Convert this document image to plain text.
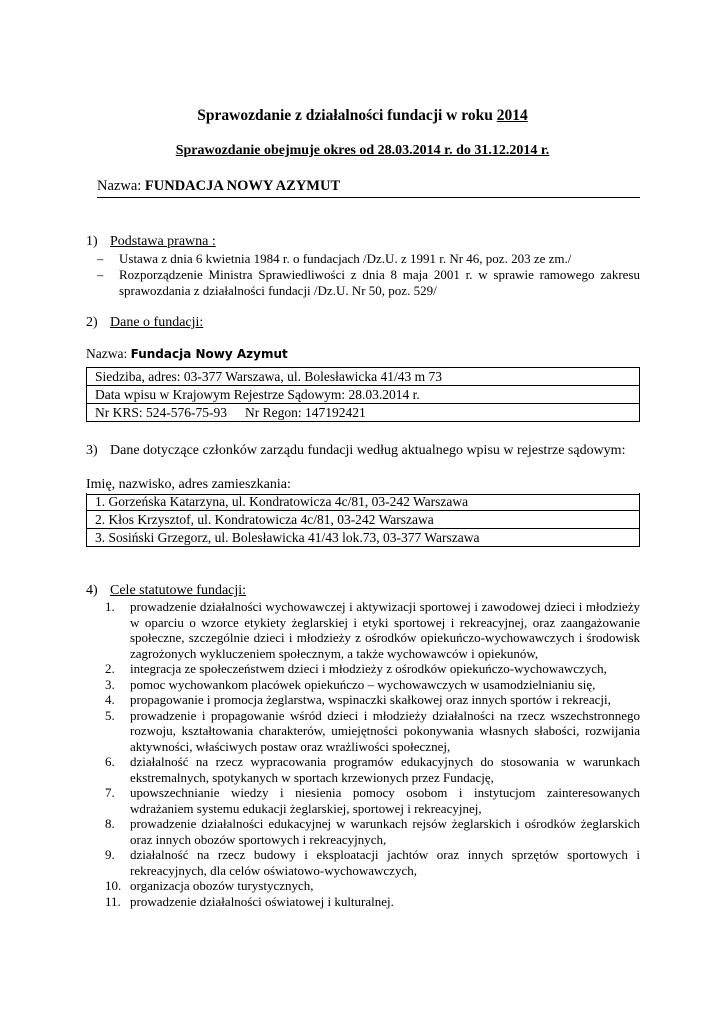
Sprawozdanie z działalności fundacji w roku 2014
Sprawozdanie obejmuje okres od 28.03.2014 r. do 31.12.2014 r.
Nazwa: FUNDACJA NOWY AZYMUT
1) Podstawa prawna :
– Ustawa z dnia 6 kwietnia 1984 r. o fundacjach /Dz.U. z 1991 r. Nr 46, poz. 203 ze zm./
– Rozporządzenie Ministra Sprawiedliwości z dnia 8 maja 2001 r. w sprawie ramowego zakresu sprawozdania z działalności fundacji /Dz.U. Nr 50, poz. 529/
2) Dane o fundacji:
Nazwa: Fundacja Nowy Azymut
Siedziba, adres: 03-377 Warszawa, ul. Bolesławicka 41/43 m 73
Data wpisu w Krajowym Rejestrze Sądowym: 28.03.2014 r.
Nr KRS: 524-576-75-93 Nr Regon: 147192421
3) Dane dotyczące członków zarządu fundacji według aktualnego wpisu w rejestrze sądowym:
Imię, nazwisko, adres zamieszkania:
1. Gorzeńska Katarzyna, ul. Kondratowicza 4c/81, 03-242 Warszawa
2. Kłos Krzysztof, ul. Kondratowicza 4c/81, 03-242 Warszawa
3. Sosiński Grzegorz, ul. Bolesławicka 41/43 lok.73, 03-377 Warszawa
4) Cele statutowe fundacji:
1. prowadzenie działalności wychowawczej i aktywizacji sportowej i zawodowej dzieci i młodzieży w oparciu o wzorce etykiety żeglarskiej i etyki sportowej i rekreacyjnej, oraz zaangażowanie społeczne, szczególnie dzieci i młodzieży z ośrodków opiekuńczo-wychowawczych i środowisk zagrożonych wykluczeniem społecznym, a także wychowawców i opiekunów,
2. integracja ze społeczeństwem dzieci i młodzieży z ośrodków opiekuńczo-wychowawczych,
3. pomoc wychowankom placówek opiekuńczo – wychowawczych w usamodzielnianiu się,
4. propagowanie i promocja żeglarstwa, wspinaczki skałkowej oraz innych sportów i rekreacji,
5. prowadzenie i propagowanie wśród dzieci i młodzieży działalności na rzecz wszechstronnego rozwoju, kształtowania charakterów, umiejętności pokonywania własnych słabości, rozwijania aktywności, właściwych postaw oraz wrażliwości społecznej,
6. działalność na rzecz wypracowania programów edukacyjnych do stosowania w warunkach ekstremalnych, spotykanych w sportach krzewionych przez Fundację,
7. upowszechnianie wiedzy i niesienia pomocy osobom i instytucjom zainteresowanych wdrażaniem systemu edukacji żeglarskiej, sportowej i rekreacyjnej,
8. prowadzenie działalności edukacyjnej w warunkach rejsów żeglarskich i ośrodków żeglarskich oraz innych obozów sportowych i rekreacyjnych,
9. działalność na rzecz budowy i eksploatacji jachtów oraz innych sprzętów sportowych i rekreacyjnych, dla celów oświatowo-wychowawczych,
10. organizacja obozów turystycznych,
11. prowadzenie działalności oświatowej i kulturalnej.
